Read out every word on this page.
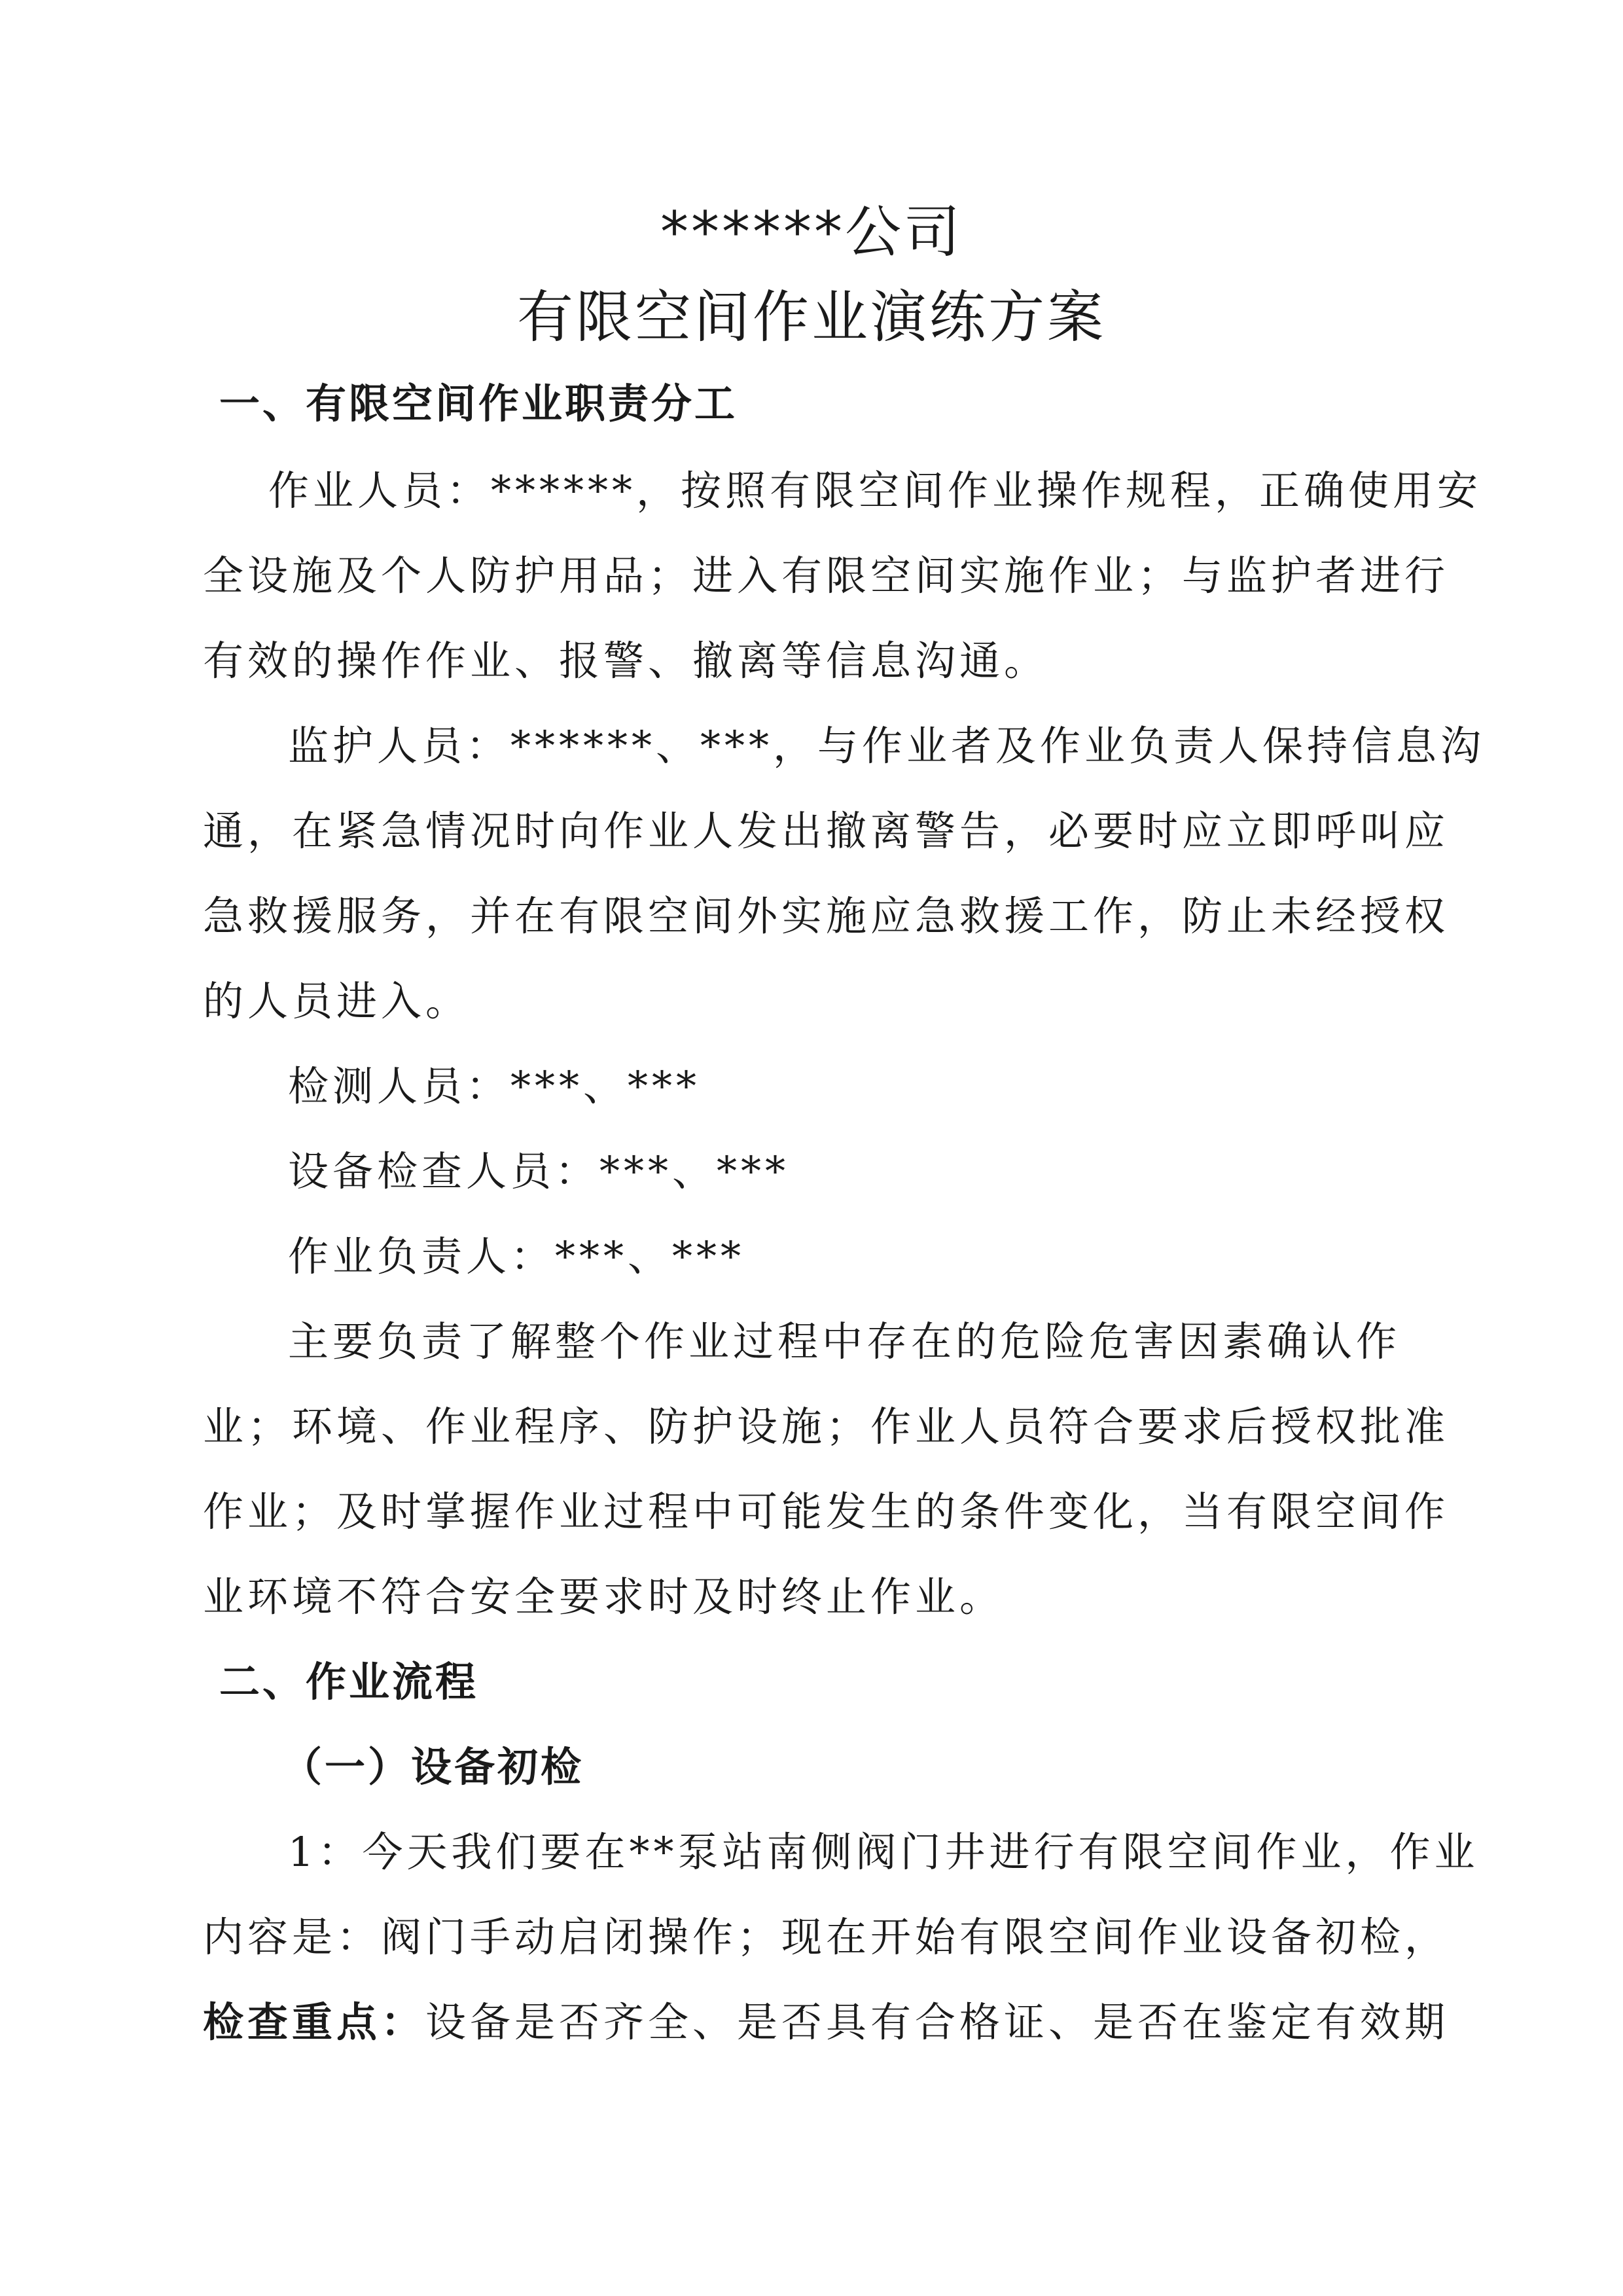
******公司
有限空间作业演练方案
一、有限空间作业职责分工

作业人员：******，按照有限空间作业操作规程，正确使用安

全设施及个人防护用品；进入有限空间实施作业；与监护者进行

有效的操作作业、报警、撤离等信息沟通。

监护人员：******、***，与作业者及作业负责人保持信息沟

通，在紧急情况时向作业人发出撤离警告，必要时应立即呼叫应

急救援服务，并在有限空间外实施应急救援工作，防止未经授权

的人员进入。

检测人员：***、***

设备检查人员：***、***

作业负责人：***、***

主要负责了解整个作业过程中存在的危险危害因素确认作

业；环境、作业程序、防护设施；作业人员符合要求后授权批准

作业；及时掌握作业过程中可能发生的条件变化，当有限空间作

业环境不符合安全要求时及时终止作业。

二、作业流程
（一）设备初检

1：今天我们要在**泵站南侧阀门井进行有限空间作业，作业

内容是：阀门手动启闭操作；现在开始有限空间作业设备初检，

检查重点：设备是否齐全、是否具有合格证、是否在鉴定有效期
